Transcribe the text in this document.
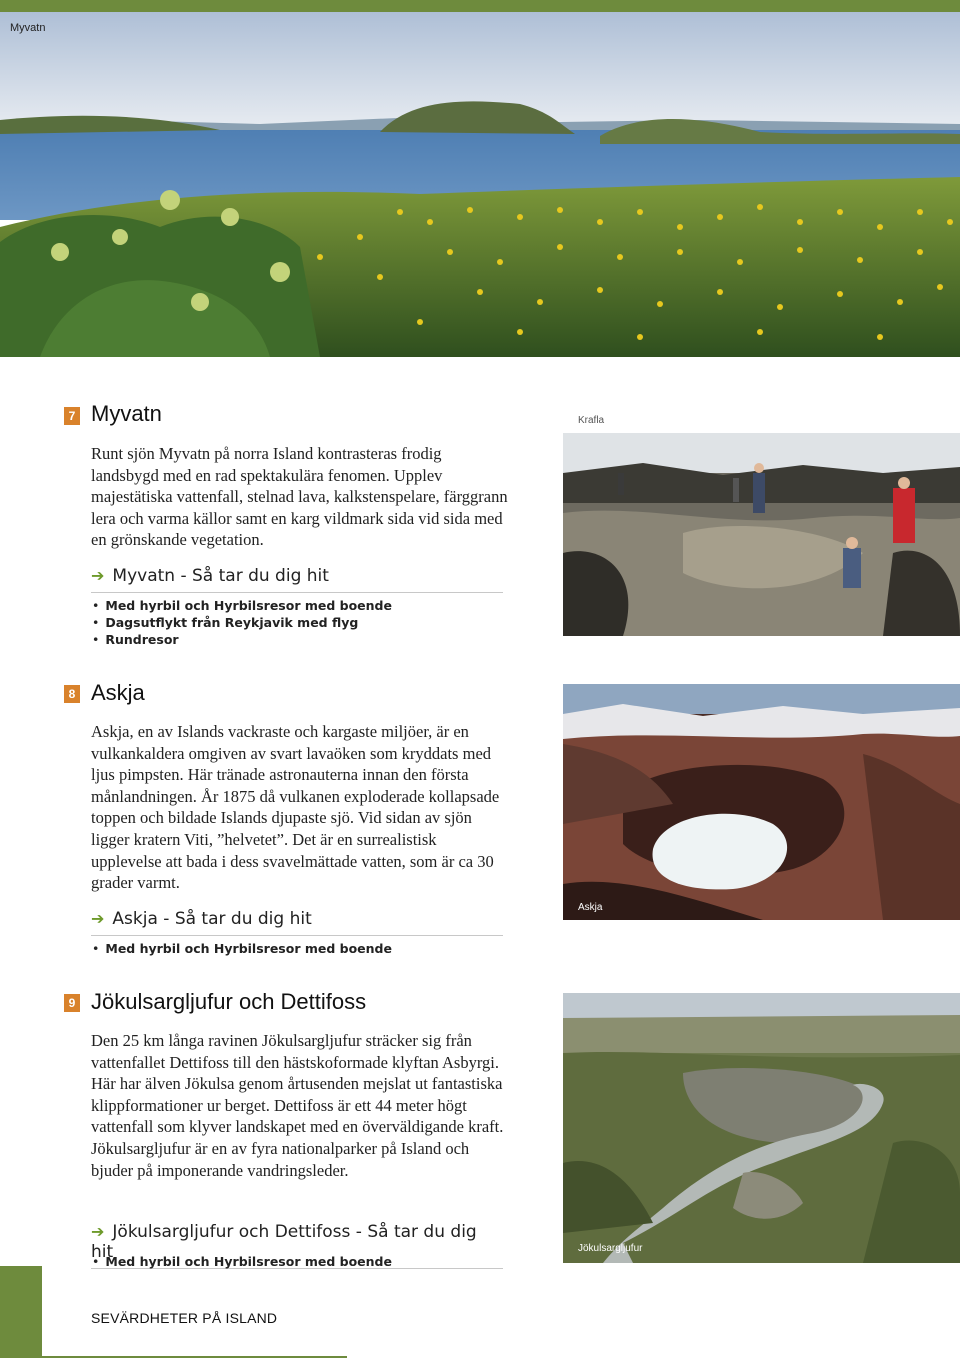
Myvatn
7 Myvatn

Runt sjön Myvatn på norra Island kontrasteras frodig landsbygd med en rad spektakulära fenomen. Upplev majestätiska vattenfall, stelnad lava, kalkstenspelare, färggrann lera och varma källor samt en karg vildmark sida vid sida med en grönskande vegetation.

➔ Myvatn - Så tar du dig hit
• Med hyrbil och Hyrbilsresor med boende
• Dagsutflykt från Reykjavik med flyg
• Rundresor
Krafla
8 Askja

Askja, en av Islands vackraste och kargaste miljöer, är en vulkankaldera omgiven av svart lavaöken som kryddats med ljus pimpsten. Här tränade astronauterna innan den första månlandningen. År 1875 då vulkanen exploderade kollapsade toppen och bildade Islands djupaste sjö. Vid sidan av sjön ligger kratern Viti, ”helvetet”. Det är en surrealistisk upplevelse att bada i dess svavelmättade vatten, som är ca 30 grader varmt.

➔ Askja - Så tar du dig hit
• Med hyrbil och Hyrbilsresor med boende
Askja
9 Jökulsargljufur och Dettifoss

Den 25 km långa ravinen Jökulsargljufur sträcker sig från vattenfallet Dettifoss till den hästskoformade klyftan Asbyrgi. Här har älven Jökulsa genom årtusenden mejslat ut fantastiska klippformationer ur berget. Dettifoss är ett 44 meter högt vattenfall som klyver landskapet med en överväldigande kraft.

Jökulsargljufur är en av fyra nationalparker på Island och bjuder på imponerande vandringsleder.

➔ Jökulsargljufur och Dettifoss - Så tar du dig hit
• Med hyrbil och Hyrbilsresor med boende
Jökulsargljufur
SEVÄRDHETER PÅ ISLAND
